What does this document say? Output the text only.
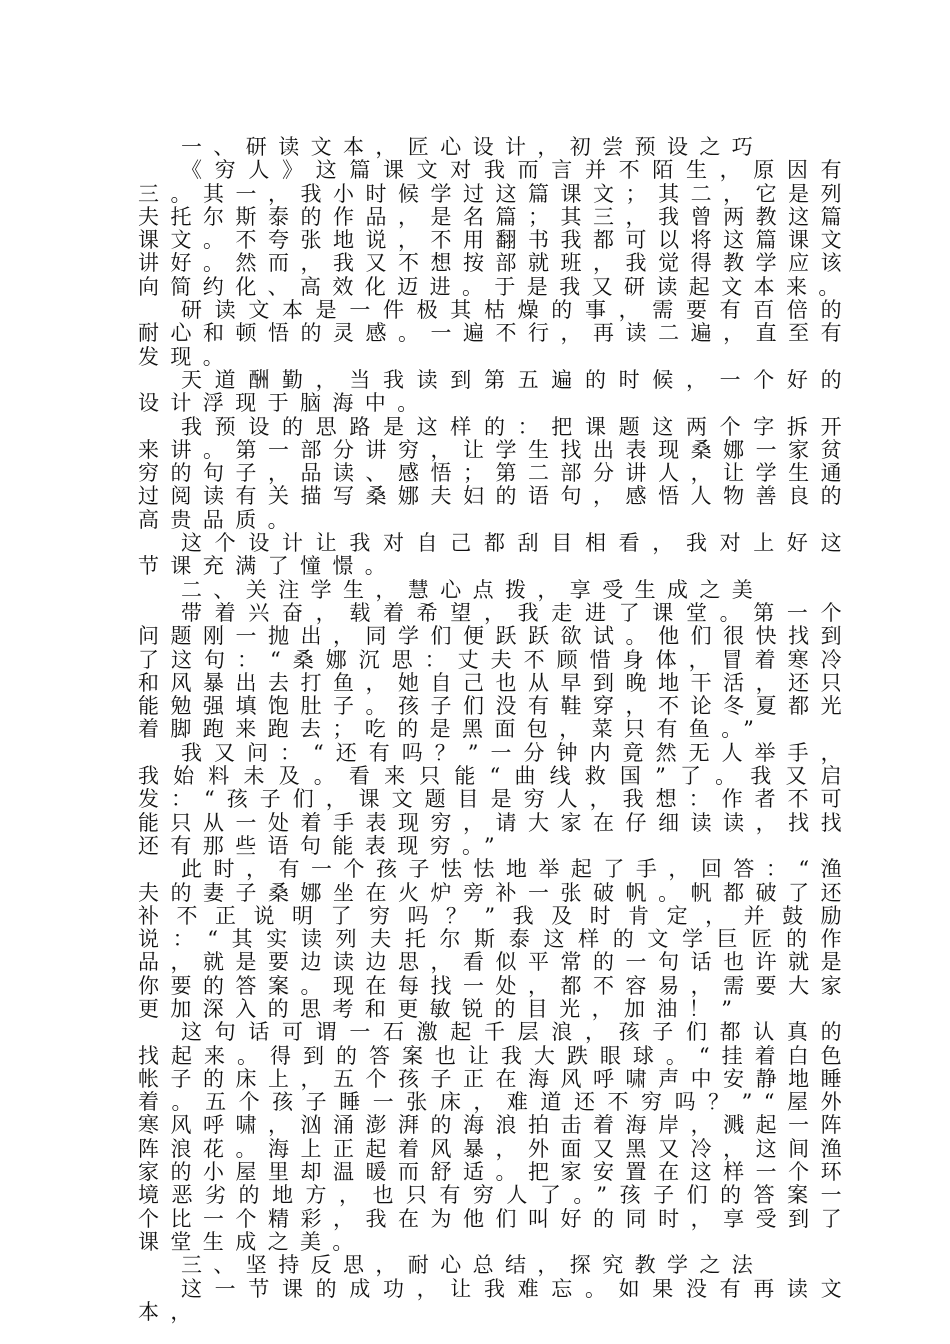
一、研读文本，匠心设计，初尝预设之巧

《穷人》这篇课文对我而言并不陌生，原因有三。其一，我小时候学过这篇课文；其二，它是列夫托尔斯泰的作品，是名篇；其三，我曾两教这篇课文。不夸张地说，不用翻书我都可以将这篇课文讲好。然而，我又不想按部就班，我觉得教学应该向简约化、高效化迈进。于是我又研读起文本来。

研读文本是一件极其枯燥的事，需要有百倍的耐心和顿悟的灵感。一遍不行，再读二遍，直至有发现。

天道酬勤，当我读到第五遍的时候，一个好的设计浮现于脑海中。

我预设的思路是这样的：把课题这两个字拆开来讲。第一部分讲穷，让学生找出表现桑娜一家贫穷的句子，品读、感悟；第二部分讲人，让学生通过阅读有关描写桑娜夫妇的语句，感悟人物善良的高贵品质。

这个设计让我对自己都刮目相看，我对上好这节课充满了憧憬。

二、关注学生，慧心点拨，享受生成之美

带着兴奋，载着希望，我走进了课堂。第一个问题刚一抛出，同学们便跃跃欲试。他们很快找到了这句：“桑娜沉思：丈夫不顾惜身体，冒着寒冷和风暴出去打鱼，她自己也从早到晚地干活，还只能勉强填饱肚子。孩子们没有鞋穿，不论冬夏都光着脚跑来跑去；吃的是黑面包，菜只有鱼。”

我又问：“还有吗？”一分钟内竟然无人举手，我始料未及。看来只能“曲线救国”了。我又启发：“孩子们，课文题目是穷人，我想：作者不可能只从一处着手表现穷，请大家在仔细读读，找找还有那些语句能表现穷。”

此时，有一个孩子怯怯地举起了手，回答：“渔夫的妻子桑娜坐在火炉旁补一张破帆。帆都破了还补不正说明了穷吗？”我及时肯定，并鼓励说：“其实读列夫托尔斯泰这样的文学巨匠的作品，就是要边读边思，看似平常的一句话也许就是你要的答案。现在每找一处，都不容易，需要大家更加深入的思考和更敏锐的目光，加油！”

这句话可谓一石激起千层浪，孩子们都认真的找起来。得到的答案也让我大跌眼球。“挂着白色帐子的床上，五个孩子正在海风呼啸声中安静地睡着。五个孩子睡一张床，难道还不穷吗？”“屋外寒风呼啸，汹涌澎湃的海浪拍击着海岸，溅起一阵阵浪花。海上正起着风暴，外面又黑又冷，这间渔家的小屋里却温暖而舒适。把家安置在这样一个环境恶劣的地方，也只有穷人了。”孩子们的答案一个比一个精彩，我在为他们叫好的同时，享受到了课堂生成之美。

三、坚持反思，耐心总结，探究教学之法

这一节课的成功，让我难忘。如果没有再读文本，
